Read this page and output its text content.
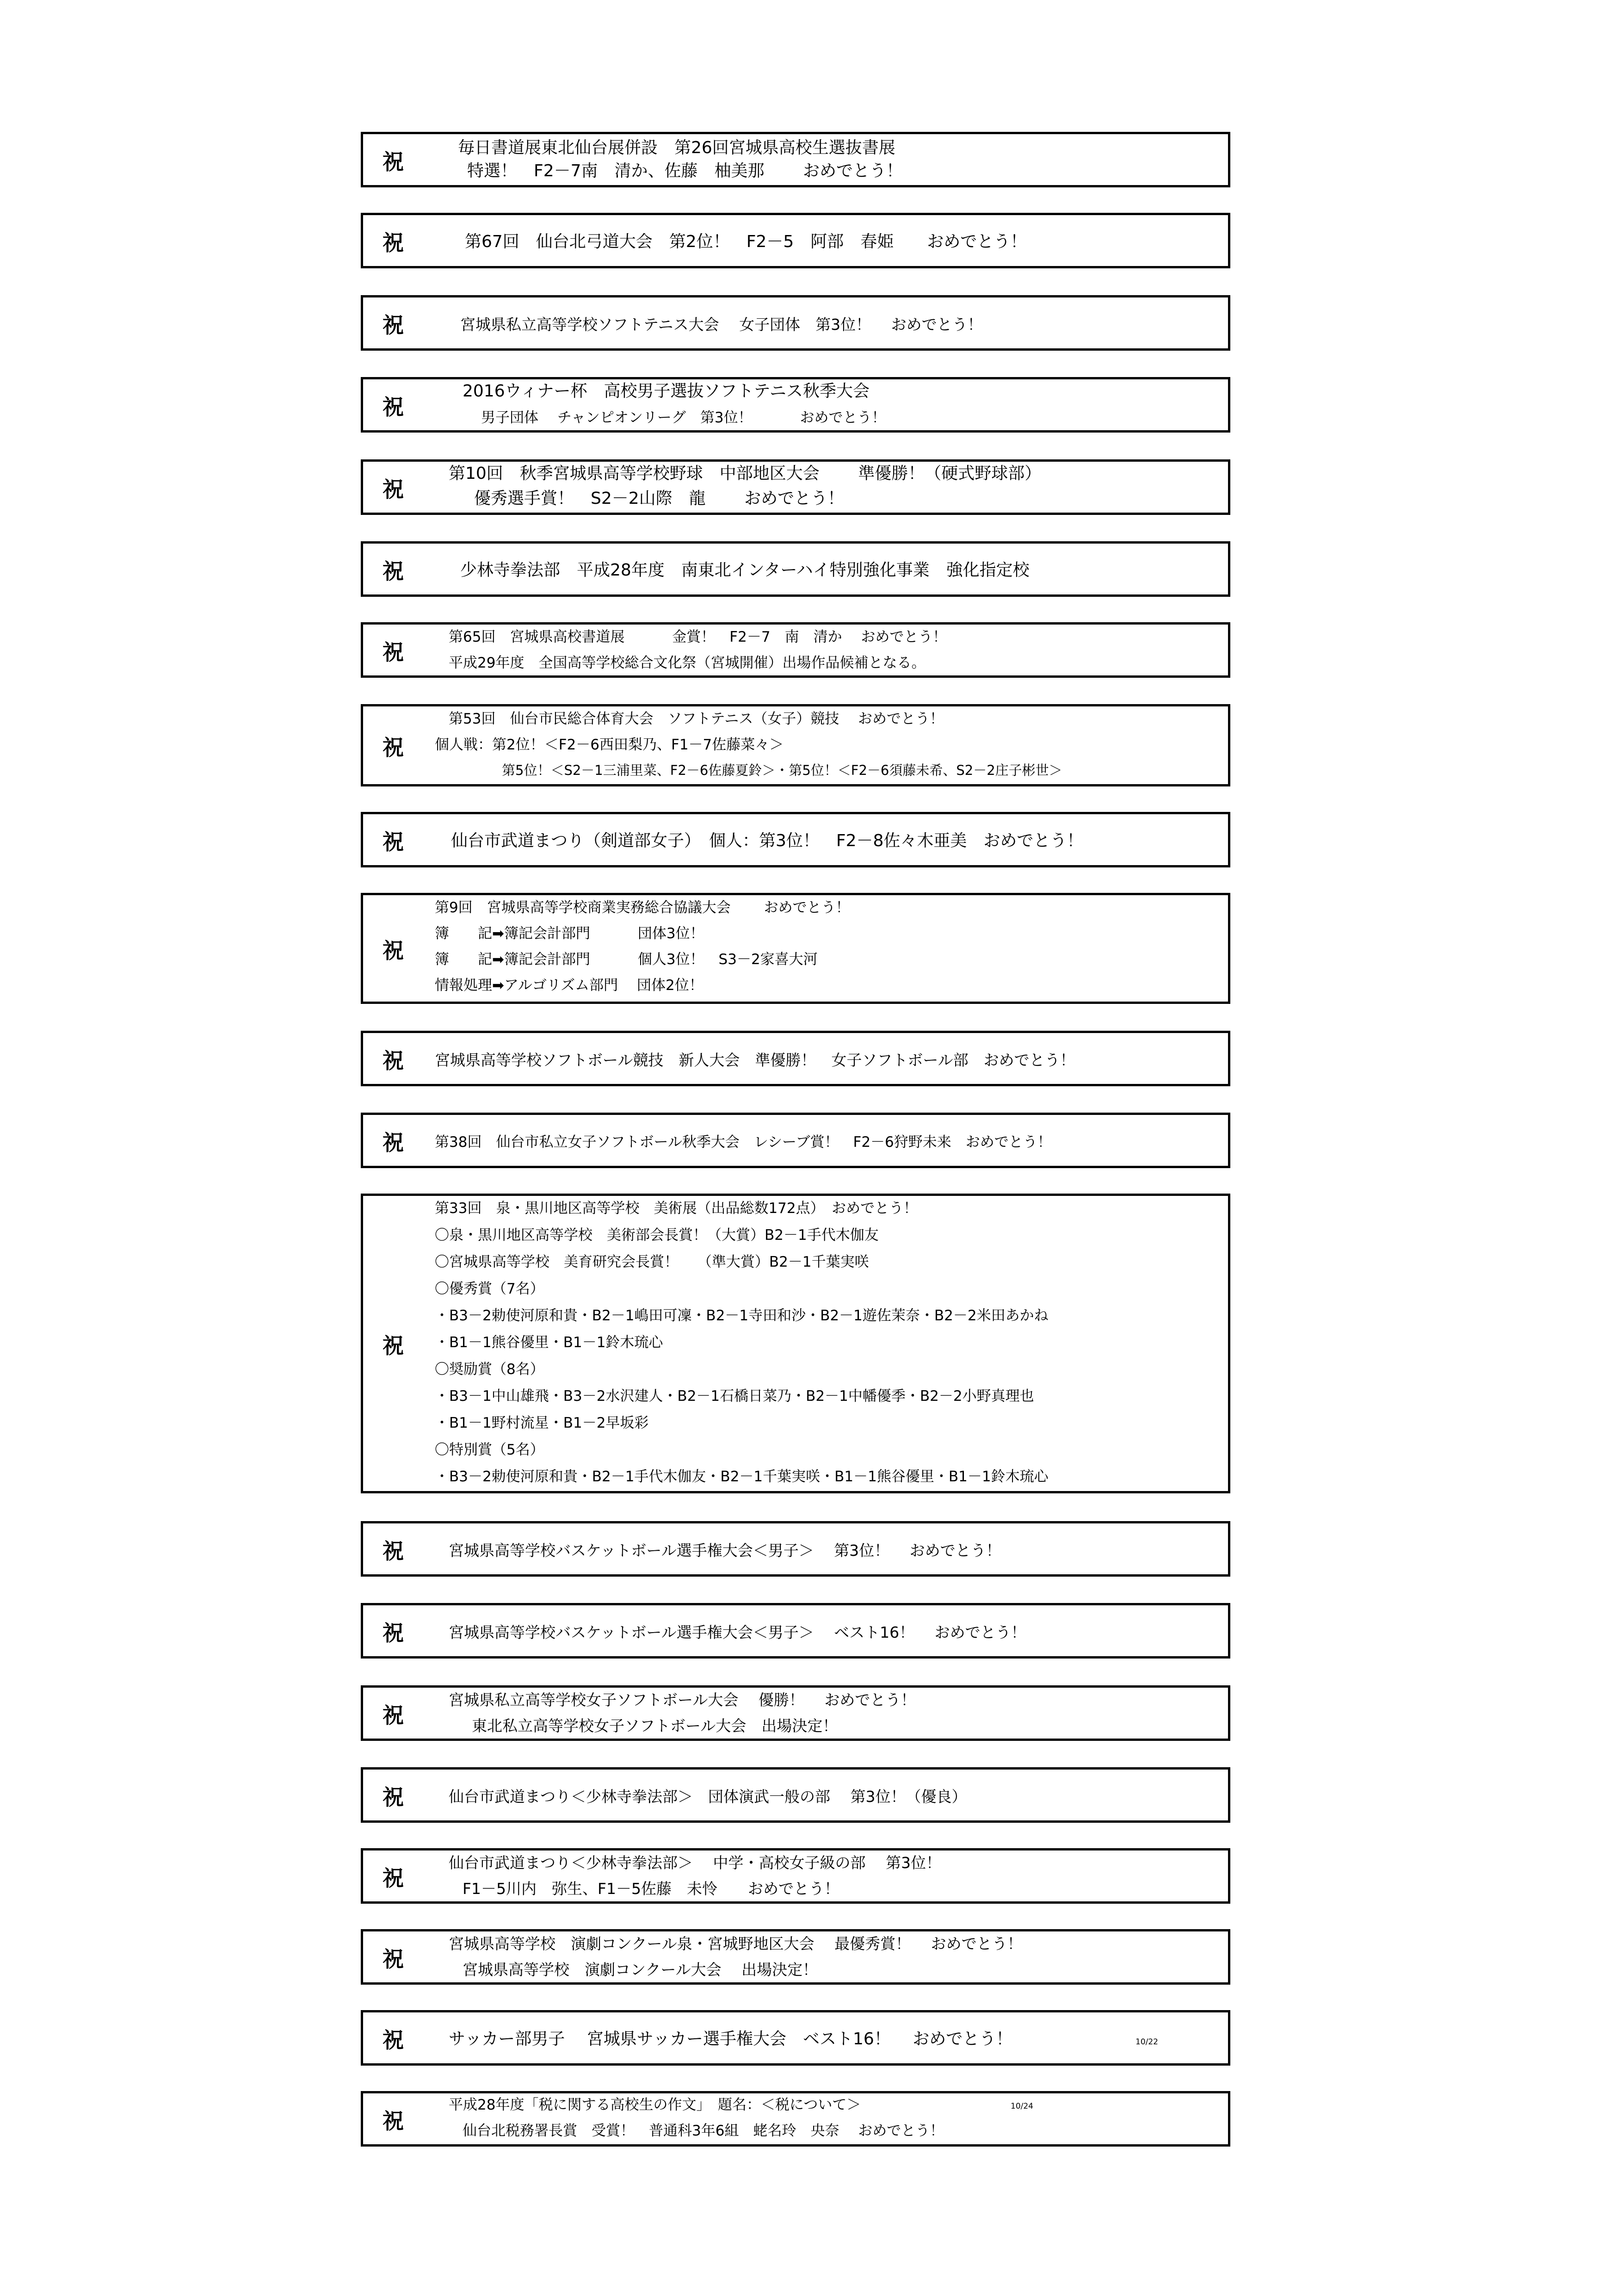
祝
毎日書道展東北仙台展併設　第26回宮城県高校生選抜書展
特選！　F2－7南　清か、佐藤　柚美那　　 おめでとう！
祝	第67回　仙台北弓道大会　第2位！　F2－5　阿部　春姫　　おめでとう！
祝	宮城県私立高等学校ソフトテニス大会　 女子団体　第3位！　 おめでとう！
祝
2016ウィナー杯　高校男子選抜ソフトテニス秋季大会
男子団体　 チャンピオンリーグ　第3位！　　　 おめでとう！
祝
第10回　秋季宮城県高等学校野球　中部地区大会　　 準優勝！（硬式野球部）
優秀選手賞！　S2－2山際　龍　　 おめでとう！
祝	少林寺拳法部　平成28年度　南東北インターハイ特別強化事業　強化指定校
祝
第65回　宮城県高校書道展　　　 金賞！　F2－7　南　清か　 おめでとう！
平成29年度　全国高等学校総合文化祭（宮城開催）出場作品候補となる。
祝
第53回　仙台市民総合体育大会　ソフトテニス（女子）競技　 おめでとう！
個人戦：第2位！＜F2－6西田梨乃、F1－7佐藤菜々＞
第5位！＜S2－1三浦里菜、F2－6佐藤夏鈴＞・第5位！＜F2－6須藤未希、S2－2庄子彬世＞
祝	仙台市武道まつり（剣道部女子）　個人：第3位！　F2－8佐々木亜美　おめでとう！
祝
第9回　宮城県高等学校商業実務総合協議大会　　 おめでとう！
簿　　記➡簿記会計部門　　　 団体3位！
簿　　記➡簿記会計部門　　　 個人3位！　S3－2家喜大河
情報処理➡アルゴリズム部門　 団体2位！
祝	宮城県高等学校ソフトボール競技　新人大会　準優勝！　女子ソフトボール部　おめでとう！
祝	第38回　仙台市私立女子ソフトボール秋季大会　レシーブ賞！　F2－6狩野未来　おめでとう！
祝
第33回　泉・黒川地区高等学校　美術展（出品総数172点）　おめでとう！
〇泉・黒川地区高等学校　美術部会長賞！（大賞）B2－1手代木伽友
〇宮城県高等学校　美育研究会長賞！　 （準大賞）B2－1千葉実咲
〇優秀賞（7名）
・B3－2勅使河原和貴・B2－1嶋田可凜・B2－1寺田和沙・B2－1遊佐茉奈・B2－2米田あかね
・B1－1熊谷優里・B1－1鈴木琉心
〇奨励賞（8名）
・B3－1中山雄飛・B3－2水沢建人・B2－1石橋日菜乃・B2－1中幡優季・B2－2小野真理也
・B1－1野村流星・B1－2早坂彩
〇特別賞（5名）
・B3－2勅使河原和貴・B2－1手代木伽友・B2－1千葉実咲・B1－1熊谷優里・B1－1鈴木琉心
祝	宮城県高等学校バスケットボール選手権大会＜男子＞　 第3位！　 おめでとう！
祝	宮城県高等学校バスケットボール選手権大会＜男子＞　 ベスト16！　 おめでとう！
祝
宮城県私立高等学校女子ソフトボール大会　 優勝！　 おめでとう！
東北私立高等学校女子ソフトボール大会　出場決定！
祝	仙台市武道まつり＜少林寺拳法部＞　団体演武一般の部　 第3位！（優良）
祝
仙台市武道まつり＜少林寺拳法部＞　 中学・高校女子級の部　 第3位！
F1－5川内　弥生、F1－5佐藤　未怜　　おめでとう！
祝
宮城県高等学校　演劇コンクール泉・宮城野地区大会　 最優秀賞！　 おめでとう！
宮城県高等学校　演劇コンクール大会　 出場決定！
祝	サッカー部男子　 宮城県サッカー選手権大会　ベスト16！　 おめでとう！	10/22
祝
平成28年度「税に関する高校生の作文」　題名：＜税について＞	10/24
仙台北税務署長賞　受賞！　普通科3年6組　蛯名玲　央奈　 おめでとう！
